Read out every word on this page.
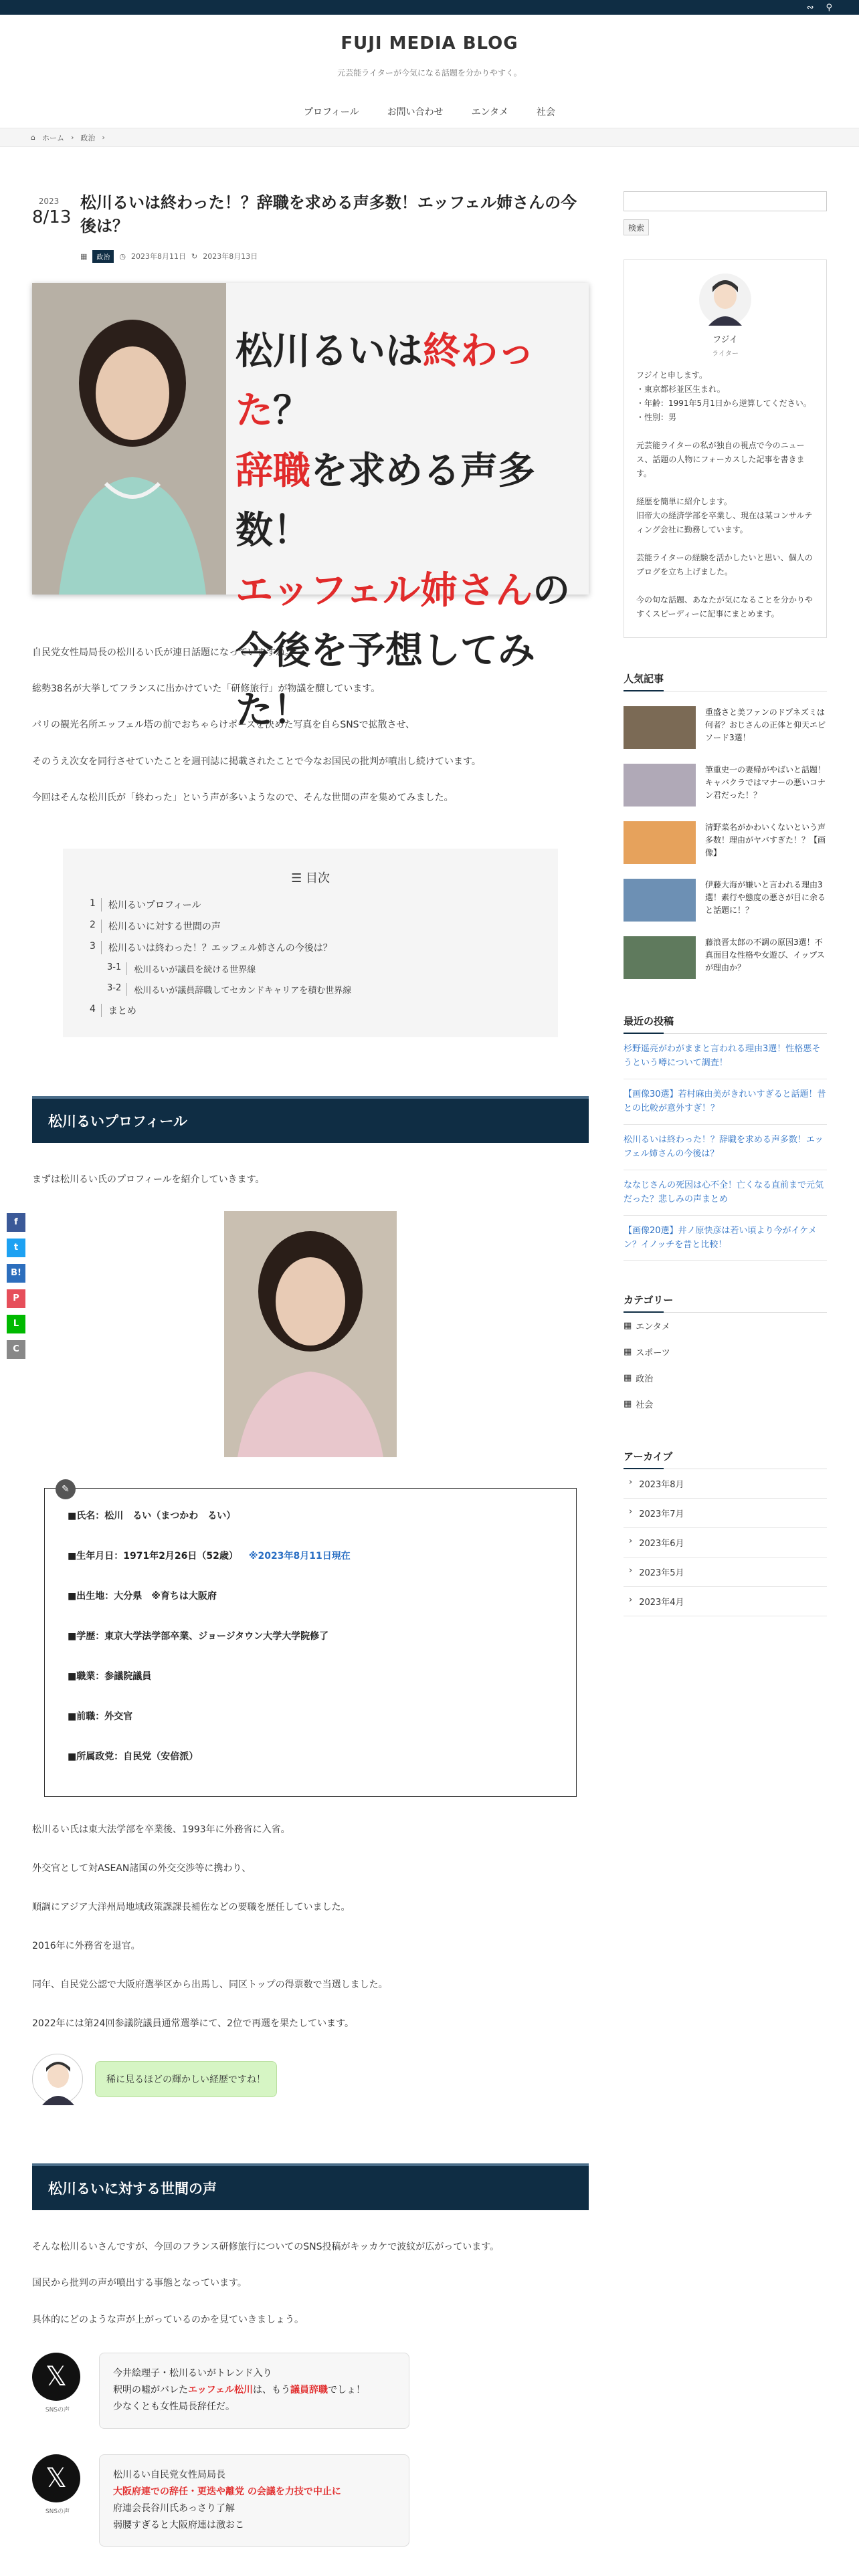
∾ ⚲
FUJI MEDIA BLOG
元芸能ライターが今気になる話題を分かりやすく。
プロフィール	お問い合わせ	エンタメ	社会
⌂ ホーム › 政治 ›
2023
8/13
松川るいは終わった！？辞職を求める声多数！エッフェル姉さんの今後は？
▦	政治	◷ 2023年8月11日 ↻ 2023年8月13日
松川るいは終わった？
辞職を求める声多数！
エッフェル姉さんの
今後を予想してみた！

自民党女性局局長の松川るい氏が連日話題になっていますね。

総勢38名が大挙してフランスに出かけていた「研修旅行」が物議を醸しています。

パリの観光名所エッフェル塔の前でおちゃらけポーズを決めた写真を自らSNSで拡散させ、

そのうえ次女を同行させていたことを週刊誌に掲載されたことで今なお国民の批判が噴出し続けています。

今回はそんな松川氏が「終わった」という声が多いようなので、そんな世間の声を集めてみました。

☰ 目次
1	松川るいプロフィール
2	松川るいに対する世間の声
3	松川るいは終わった！？エッフェル姉さんの今後は？
3-1	松川るいが議員を続ける世界線
3-2	松川るいが議員辞職してセカンドキャリアを積む世界線
4	まとめ
松川るいプロフィール

まずは松川るい氏のプロフィールを紹介していきます。

✎
■氏名：松川　るい（まつかわ　るい）
■生年月日：1971年2月26日（52歳） ※2023年8月11日現在
■出生地：大分県　※育ちは大阪府
■学歴：東京大学法学部卒業、ジョージタウン大学大学院修了
■職業：参議院議員
■前職：外交官
■所属政党：自民党（安倍派）

松川るい氏は東大法学部を卒業後、1993年に外務省に入省。

外交官として対ASEAN諸国の外交交渉等に携わり、

順調にアジア大洋州局地域政策課課長補佐などの要職を歴任していました。

2016年に外務省を退官。

同年、自民党公認で大阪府選挙区から出馬し、同区トップの得票数で当選しました。

2022年には第24回参議院議員通常選挙にて、2位で再選を果たしています。

稀に見るほどの輝かしい経歴ですね！
松川るいに対する世間の声

そんな松川るいさんですが、今回のフランス研修旅行についてのSNS投稿がキッカケで波紋が広がっています。

国民から批判の声が噴出する事態となっています。

具体的にどのような声が上がっているのかを見ていきましょう。

𝕏
SNSの声
今井絵理子・松川るいがトレンド入り
釈明の嘘がバレたエッフェル松川は、もう議員辞職でしょ！
少なくとも女性局長辞任だ。
𝕏
SNSの声
松川るい自民党女性局局長
大阪府連での辞任・更迭や離党 の会議を力技で中止に
府連会長谷川氏あっさり了解
弱腰すぎると大阪府連は激おこ
検索
フジイ
ライター
フジイと申します。
・東京都杉並区生まれ。
・年齢：1991年5月1日から逆算してください。
・性別：男

元芸能ライターの私が独自の視点で今のニュース、話題の人物にフォーカスした記事を書きます。

経歴を簡単に紹介します。
旧帝大の経済学部を卒業し、現在は某コンサルティング会社に勤務しています。

芸能ライターの経験を活かしたいと思い、個人のブログを立ち上げました。

今の旬な話題、あなたが気になることを分かりやすくスピーディーに記事にまとめます。
人気記事
重盛さと美ファンのドプネズミは何者？おじさんの正体と仰天エピソード3選！
筆重史一の妻帰がやばいと話題！キャバクラではマナーの悪いコナン君だった！？
清野菜名がかわいくないという声多数！理由がヤバすぎた！？【画像】
伊藤大海が嫌いと言われる理由3選！素行や態度の悪さが目に余ると話題に！？
藤浪晋太郎の不調の原因3選！不真面目な性格や女遊び、イップスが理由か？
最近の投稿
杉野遥亮がわがままと言われる理由3選！性格悪そうという噂について調査！
【画像30選】若村麻由美がきれいすぎると話題！昔との比較が意外すぎ！？
松川るいは終わった！？辞職を求める声多数！エッフェル姉さんの今後は？
ななじさんの死因は心不全！亡くなる直前まで元気だった？悲しみの声まとめ
【画像20選】井ノ原快彦は若い頃より今がイケメン？イノッチを昔と比較！
カテゴリー
▦ エンタメ
▦ スポーツ
▦ 政治
▦ 社会
アーカイブ
› 2023年8月
› 2023年7月
› 2023年6月
› 2023年5月
› 2023年4月
f
t
B!
P
L
C
